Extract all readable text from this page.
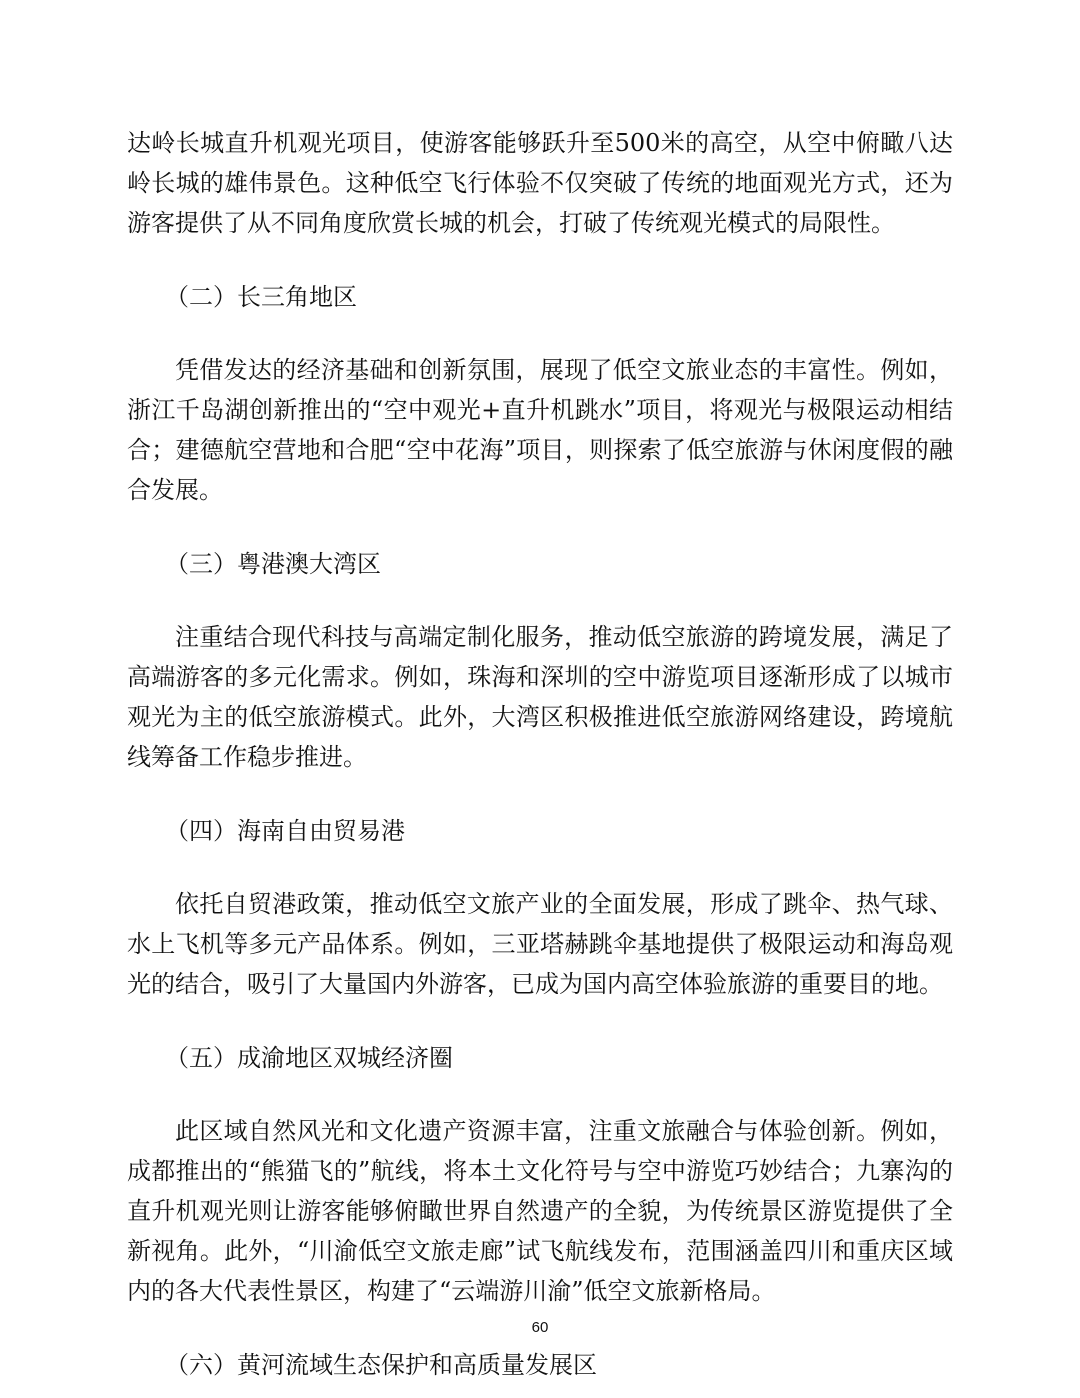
达岭长城直升机观光项目，使游客能够跃升至500米的高空，从空中俯瞰八达岭长城的雄伟景色。这种低空飞行体验不仅突破了传统的地面观光方式，还为游客提供了从不同角度欣赏长城的机会，打破了传统观光模式的局限性。

（二）长三角地区

凭借发达的经济基础和创新氛围，展现了低空文旅业态的丰富性。例如，浙江千岛湖创新推出的“空中观光+直升机跳水”项目，将观光与极限运动相结合；建德航空营地和合肥“空中花海”项目，则探索了低空旅游与休闲度假的融合发展。

（三）粤港澳大湾区

注重结合现代科技与高端定制化服务，推动低空旅游的跨境发展，满足了高端游客的多元化需求。例如，珠海和深圳的空中游览项目逐渐形成了以城市观光为主的低空旅游模式。此外，大湾区积极推进低空旅游网络建设，跨境航线筹备工作稳步推进。

（四）海南自由贸易港

依托自贸港政策，推动低空文旅产业的全面发展，形成了跳伞、热气球、水上飞机等多元产品体系。例如，三亚塔赫跳伞基地提供了极限运动和海岛观光的结合，吸引了大量国内外游客，已成为国内高空体验旅游的重要目的地。

（五）成渝地区双城经济圈

此区域自然风光和文化遗产资源丰富，注重文旅融合与体验创新。例如，成都推出的“熊猫飞的”航线，将本土文化符号与空中游览巧妙结合；九寨沟的直升机观光则让游客能够俯瞰世界自然遗产的全貌，为传统景区游览提供了全新视角。此外，“川渝低空文旅走廊”试飞航线发布，范围涵盖四川和重庆区域内的各大代表性景区，构建了“云端游川渝”低空文旅新格局。

（六）黄河流域生态保护和高质量发展区

60
